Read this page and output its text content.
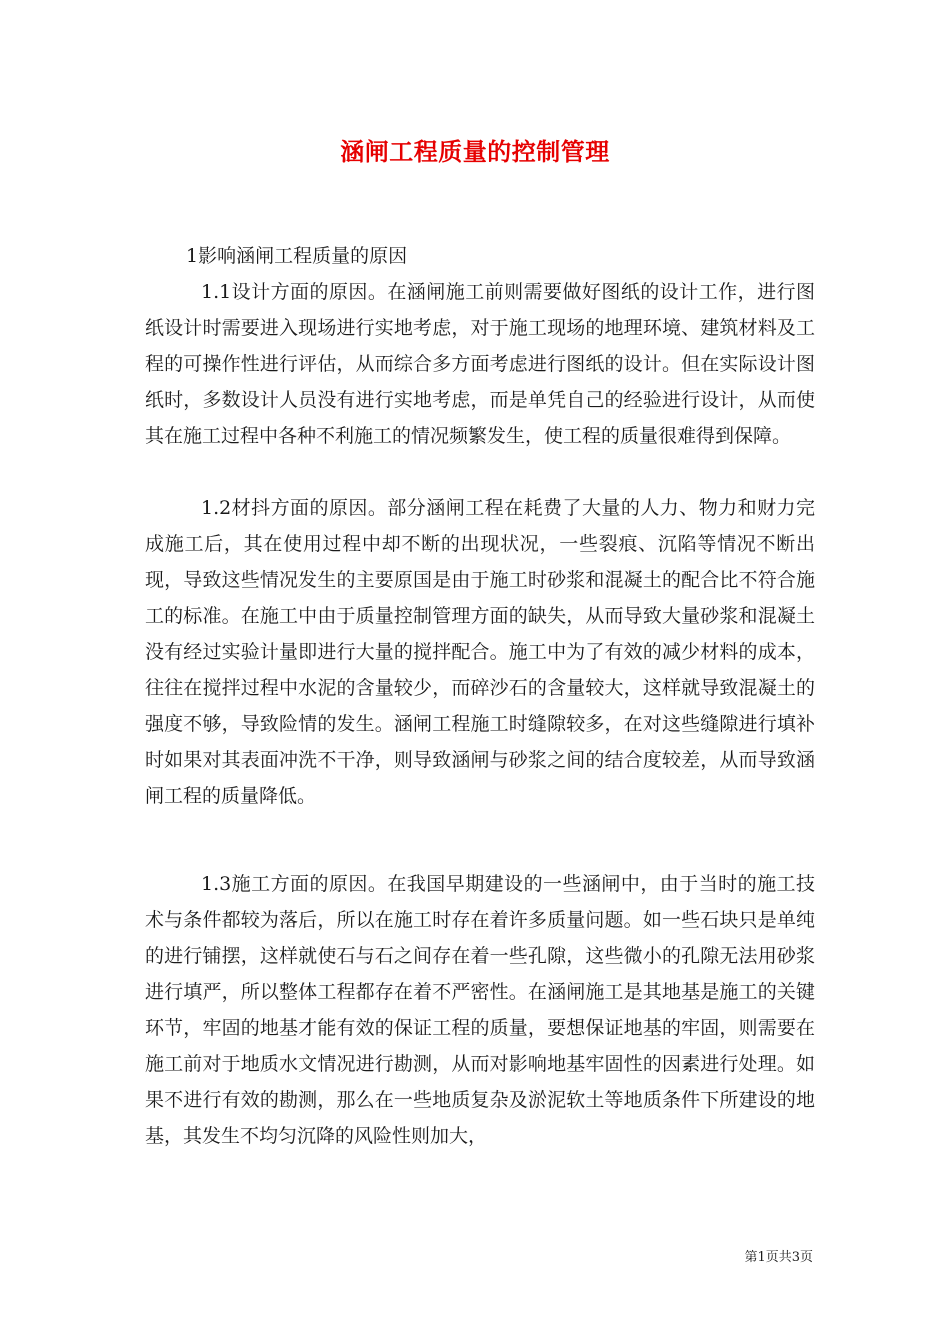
涵闸工程质量的控制管理
1影响涵闸工程质量的原因
1.1设计方面的原因。在涵闸施工前则需要做好图纸的设计工作，进行图纸设计时需要进入现场进行实地考虑，对于施工现场的地理环境、建筑材料及工程的可操作性进行评估，从而综合多方面考虑进行图纸的设计。但在实际设计图纸时，多数设计人员没有进行实地考虑，而是单凭自己的经验进行设计，从而使其在施工过程中各种不利施工的情况频繁发生，使工程的质量很难得到保障。
1.2材抖方面的原因。部分涵闸工程在耗费了大量的人力、物力和财力完成施工后，其在使用过程中却不断的出现状况，一些裂痕、沉陷等情况不断出现，导致这些情况发生的主要原国是由于施工时砂浆和混凝土的配合比不符合施工的标准。在施工中由于质量控制管理方面的缺失，从而导致大量砂浆和混凝土没有经过实验计量即进行大量的搅拌配合。施工中为了有效的减少材料的成本，往往在搅拌过程中水泥的含量较少，而碎沙石的含量较大，这样就导致混凝土的强度不够，导致险情的发生。涵闸工程施工时缝隙较多，在对这些缝隙进行填补时如果对其表面冲洗不干净，则导致涵闸与砂浆之间的结合度较差，从而导致涵闸工程的质量降低。
1.3施工方面的原因。在我国早期建设的一些涵闸中，由于当时的施工技术与条件都较为落后，所以在施工时存在着许多质量问题。如一些石块只是单纯的进行铺摆，这样就使石与石之间存在着一些孔隙，这些微小的孔隙无法用砂浆进行填严，所以整体工程都存在着不严密性。在涵闸施工是其地基是施工的关键环节，牢固的地基才能有效的保证工程的质量，要想保证地基的牢固，则需要在施工前对于地质水文情况进行勘测，从而对影响地基牢固性的因素进行处理。如果不进行有效的勘测，那么在一些地质复杂及淤泥软土等地质条件下所建设的地基，其发生不均匀沉降的风险性则加大，
第1页共3页
